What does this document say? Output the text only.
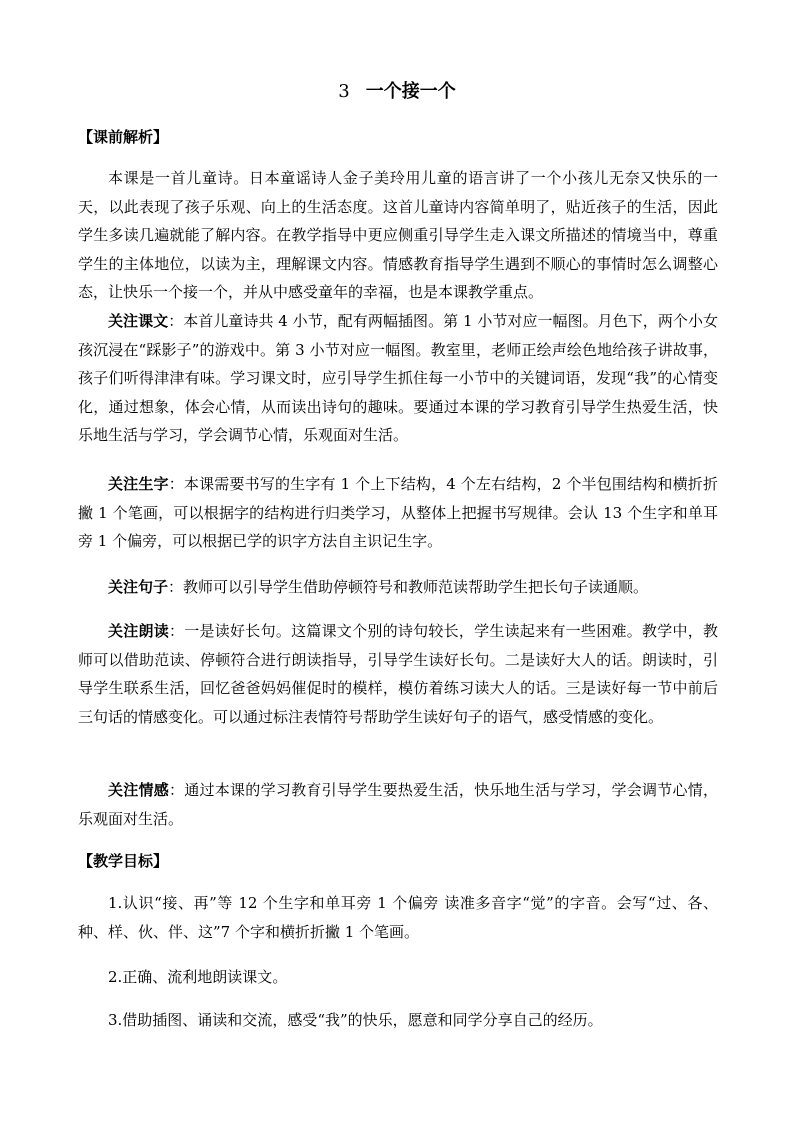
3 一个接一个
【课前解析】

本课是一首儿童诗。日本童谣诗人金子美玲用儿童的语言讲了一个小孩儿无奈又快乐的一天，以此表现了孩子乐观、向上的生活态度。这首儿童诗内容简单明了，贴近孩子的生活，因此学生多读几遍就能了解内容。在教学指导中更应侧重引导学生走入课文所描述的情境当中，尊重学生的主体地位，以读为主，理解课文内容。情感教育指导学生遇到不顺心的事情时怎么调整心态，让快乐一个接一个，并从中感受童年的幸福，也是本课教学重点。

关注课文：本首儿童诗共 4 小节，配有两幅插图。第 1 小节对应一幅图。月色下，两个小女孩沉浸在“踩影子”的游戏中。第 3 小节对应一幅图。教室里，老师正绘声绘色地给孩子讲故事，孩子们听得津津有味。学习课文时，应引导学生抓住每一小节中的关键词语，发现“我”的心情变化，通过想象，体会心情，从而读出诗句的趣味。要通过本课的学习教育引导学生热爱生活，快乐地生活与学习，学会调节心情，乐观面对生活。

关注生字：本课需要书写的生字有 1 个上下结构，4 个左右结构，2 个半包围结构和横折折撇 1 个笔画，可以根据字的结构进行归类学习，从整体上把握书写规律。会认 13 个生字和单耳旁 1 个偏旁，可以根据已学的识字方法自主识记生字。

关注句子：教师可以引导学生借助停顿符号和教师范读帮助学生把长句子读通顺。

关注朗读：一是读好长句。这篇课文个别的诗句较长，学生读起来有一些困难。教学中，教师可以借助范读、停顿符合进行朗读指导，引导学生读好长句。二是读好大人的话。朗读时，引导学生联系生活，回忆爸爸妈妈催促时的模样，模仿着练习读大人的话。三是读好每一节中前后三句话的情感变化。可以通过标注表情符号帮助学生读好句子的语气，感受情感的变化。

关注情感：通过本课的学习教育引导学生要热爱生活，快乐地生活与学习，学会调节心情，乐观面对生活。

【教学目标】

1.认识“接、再”等 12 个生字和单耳旁 1 个偏旁 读准多音字“觉”的字音。会写“过、各、种、样、伙、伴、这”7 个字和横折折撇 1 个笔画。

2.正确、流利地朗读课文。

3.借助插图、诵读和交流，感受“我”的快乐，愿意和同学分享自己的经历。
